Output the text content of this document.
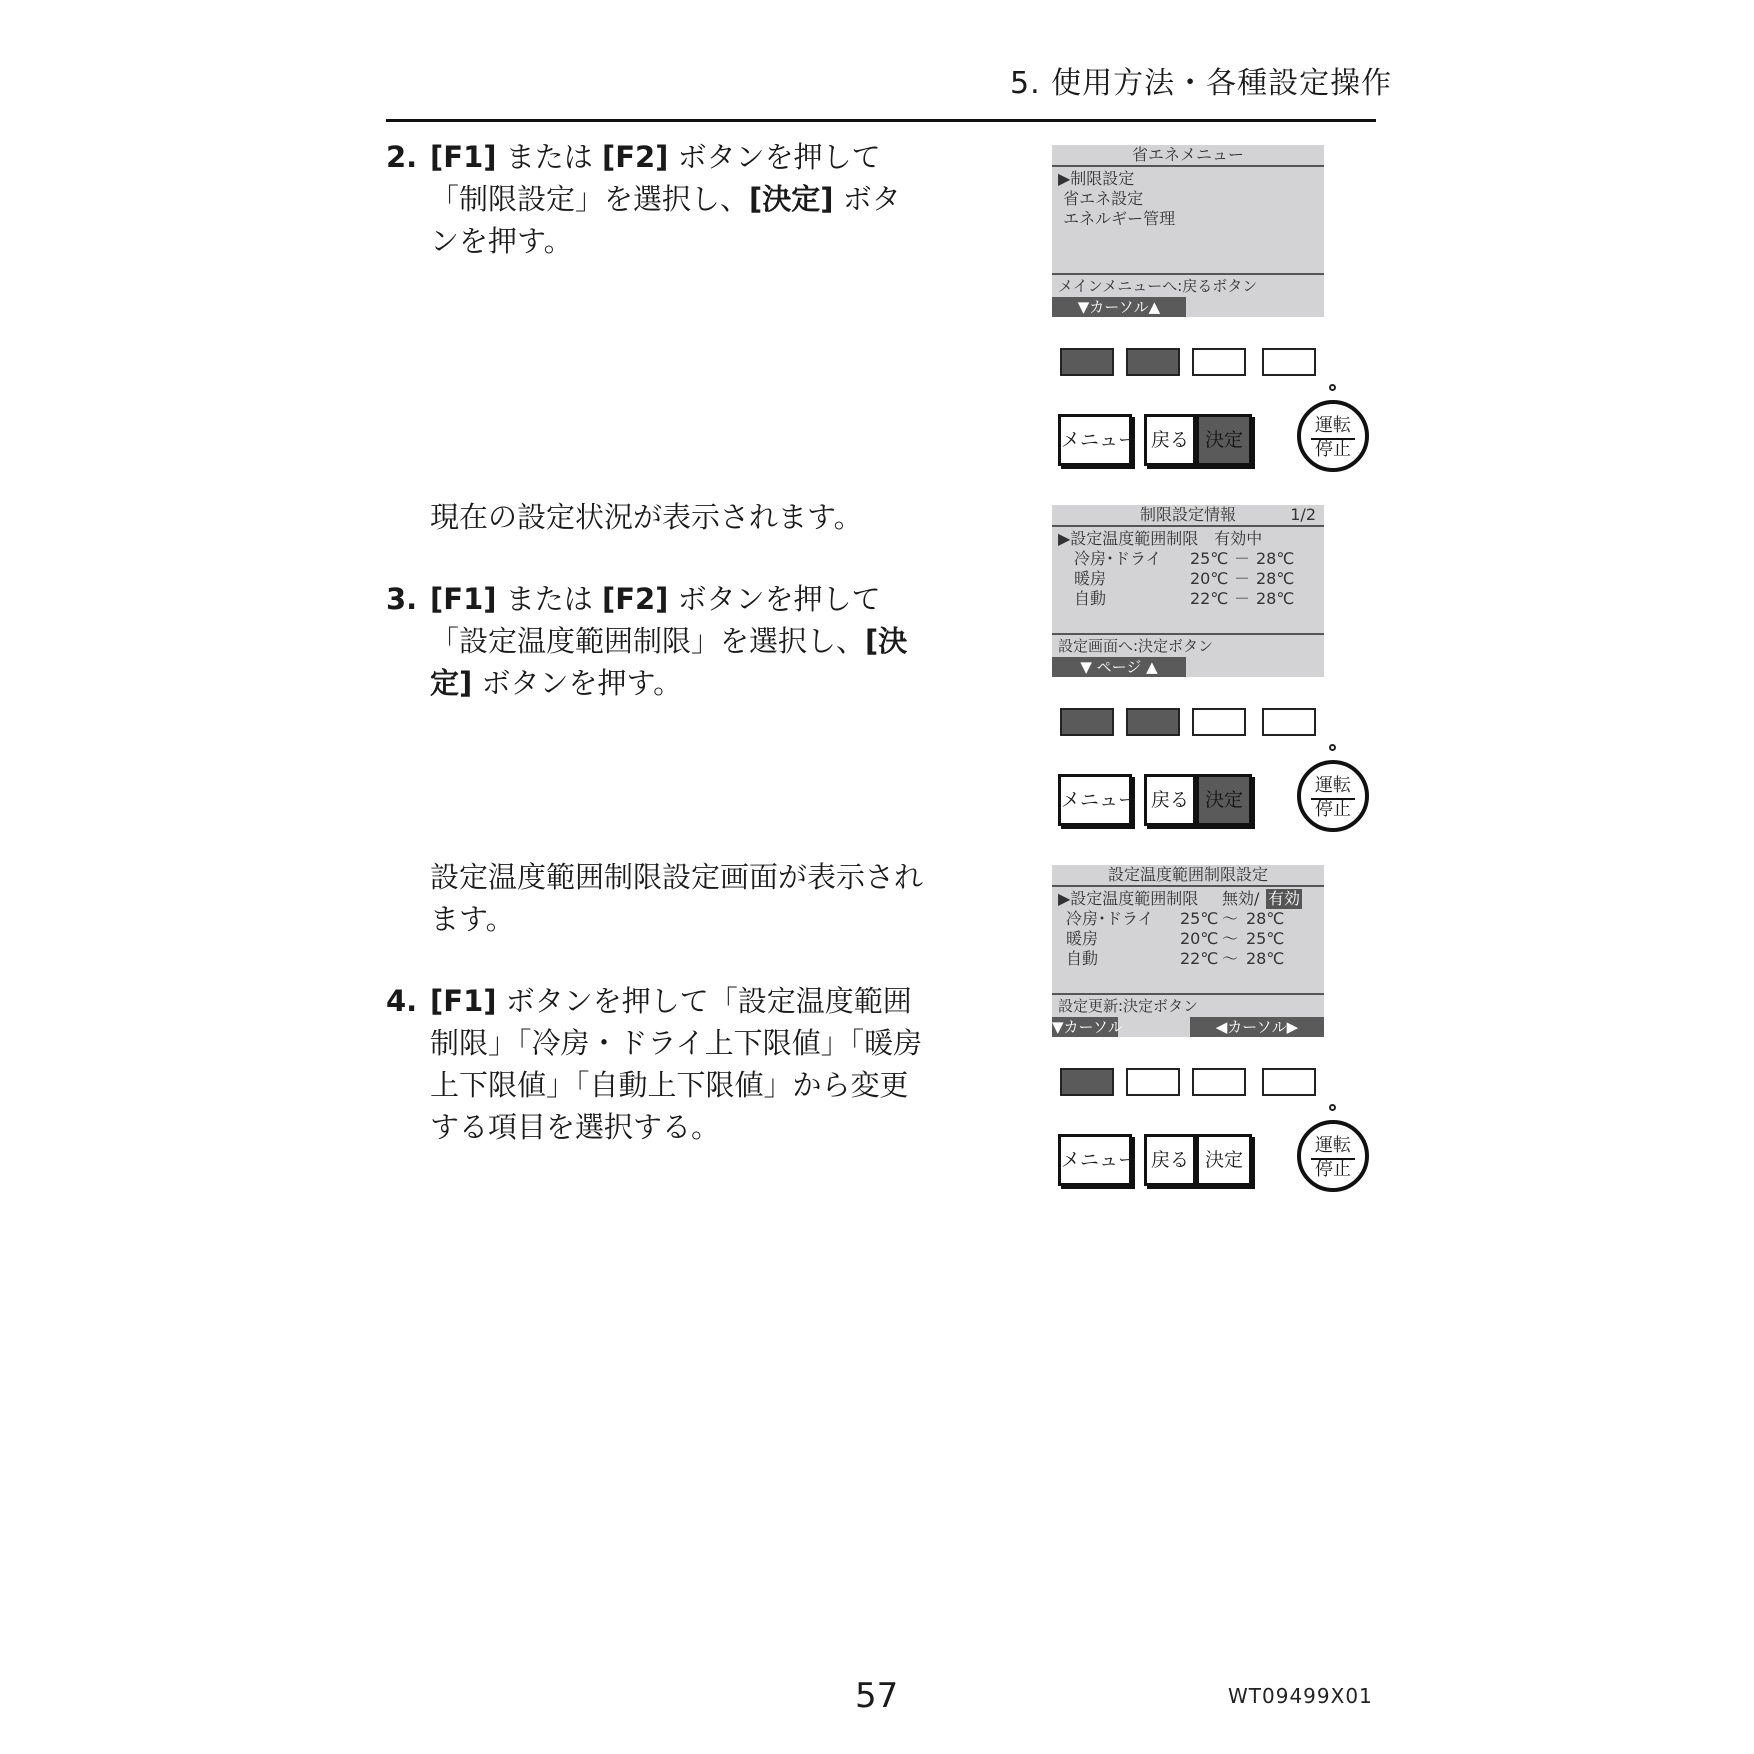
5. 使用方法・各種設定操作
2. [F1] または [F2] ボタンを押して「制限設定」を選択し、[決定] ボタンを押す。
現在の設定状況が表示されます。
3. [F1] または [F2] ボタンを押して「設定温度範囲制限」を選択し、[決定] ボタンを押す。
設定温度範囲制限設定画面が表示されます。
4. [F1] ボタンを押して「設定温度範囲制限」「冷房・ドライ上下限値」「暖房上下限値」「自動上下限値」から変更する項目を選択する。
省エネメニュー
▶制限設定
省エネ設定
エネルギー管理
メインメニューへ:戻るボタン
▼カーソル▲
メニュー 戻る 決定
運転
停止
制限設定情報	1/2
▶設定温度範囲制限　有効中
冷房･ドライ 25℃ － 28℃
暖房	20℃ － 28℃
自動	22℃ － 28℃
設定画面へ:決定ボタン
▼ ページ ▲
メニュー 戻る 決定
運転
停止
設定温度範囲制限設定
▶設定温度範囲制限 無効/ 有効
冷房･ドライ 25℃ ～ 28℃
暖房	20℃ ～ 25℃
自動	22℃ ～ 28℃
設定更新:決定ボタン
▼カーソル	◀カーソル▶
メニュー 戻る 決定
運転
停止
57	WT09499X01
